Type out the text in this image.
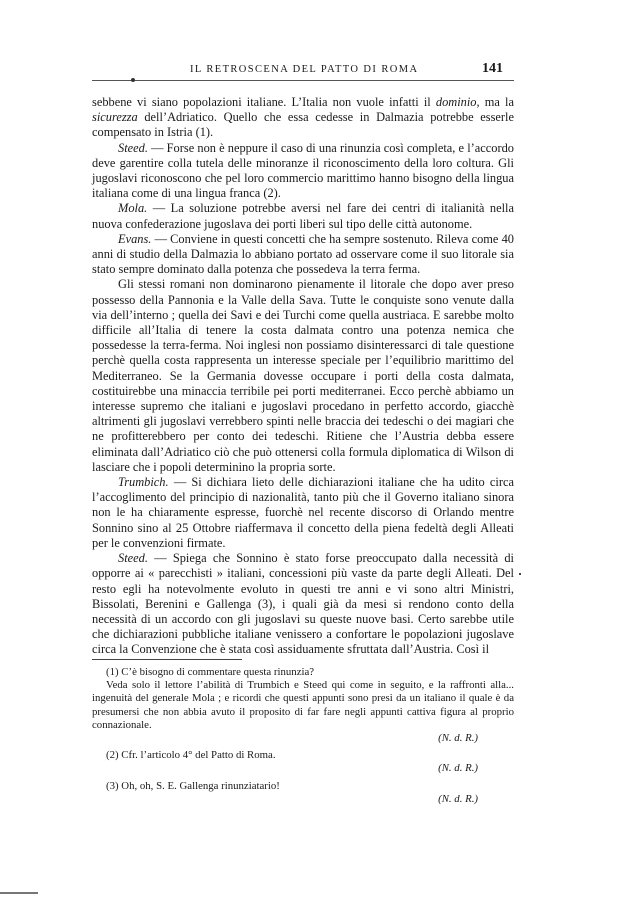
IL RETROSCENA DEL PATTO DI ROMA	141

sebbene vi siano popolazioni italiane. L’Italia non vuole infatti il dominio, ma la sicurezza dell’Adriatico. Quello che essa cedesse in Dalmazia potrebbe esserle compensato in Istria (1).

Steed. — Forse non è neppure il caso di una rinunzia così completa, e l’accordo deve garentire colla tutela delle minoranze il riconoscimento della loro coltura. Gli jugoslavi riconoscono che pel loro commercio marittimo hanno bisogno della lingua italiana come di una lingua franca (2).

Mola. — La soluzione potrebbe aversi nel fare dei centri di italianità nella nuova confederazione jugoslava dei porti liberi sul tipo delle città autonome.

Evans. — Conviene in questi concetti che ha sempre sostenuto. Rileva come 40 anni di studio della Dalmazia lo abbiano portato ad osservare come il suo litorale sia stato sempre dominato dalla potenza che possedeva la terra ferma.

Gli stessi romani non dominarono pienamente il litorale che dopo aver preso possesso della Pannonia e la Valle della Sava. Tutte le conquiste sono venute dalla via dell’interno ; quella dei Savi e dei Turchi come quella austriaca. E sarebbe molto difficile all’Italia di tenere la costa dalmata contro una potenza nemica che possedesse la terra-ferma. Noi inglesi non possiamo disinteressarci di tale questione perchè quella costa rappresenta un interesse speciale per l’equilibrio marittimo del Mediterraneo. Se la Germania dovesse occupare i porti della costa dalmata, costituirebbe una minaccia terribile pei porti mediterranei. Ecco perchè abbiamo un interesse supremo che italiani e jugoslavi procedano in perfetto accordo, giacchè altrimenti gli jugoslavi verrebbero spinti nelle braccia dei tedeschi o dei magiari che ne profitterebbero per conto dei tedeschi. Ritiene che l’Austria debba essere eliminata dall’Adriatico ciò che può ottenersi colla formula diplomatica di Wilson di lasciare che i popoli determinino la propria sorte.

Trumbich. — Si dichiara lieto delle dichiarazioni italiane che ha udito circa l’accoglimento del principio di nazionalità, tanto più che il Governo italiano sinora non le ha chiaramente espresse, fuorchè nel recente discorso di Orlando mentre Sonnino sino al 25 Ottobre riaffermava il concetto della piena fedeltà degli Alleati per le convenzioni firmate.

Steed. — Spiega che Sonnino è stato forse preoccupato dalla necessità di opporre ai « parecchisti » italiani, concessioni più vaste da parte degli Alleati. Del resto egli ha notevolmente evoluto in questi tre anni e vi sono altri Ministri, Bissolati, Berenini e Gallenga (3), i quali già da mesi si rendono conto della necessità di un accordo con gli jugoslavi su queste nuove basi. Certo sarebbe utile che dichiarazioni pubbliche italiane venissero a confortare le popolazioni jugoslave circa la Convenzione che è stata così assiduamente sfruttata dall’Austria. Così il

(1) C’è bisogno di commentare questa rinunzia?

Veda solo il lettore l’abilità di Trumbich e Steed qui come in seguito, e la raffronti alla... ingenuità del generale Mola ; e ricordi che questi appunti sono presi da un italiano il quale è da presumersi che non abbia avuto il proposito di far fare negli appunti cattiva figura al proprio connazionale.

(N. d. R.)

(2) Cfr. l’articolo 4° del Patto di Roma.

(N. d. R.)

(3) Oh, oh, S. E. Gallenga rinunziatario!

(N. d. R.)
